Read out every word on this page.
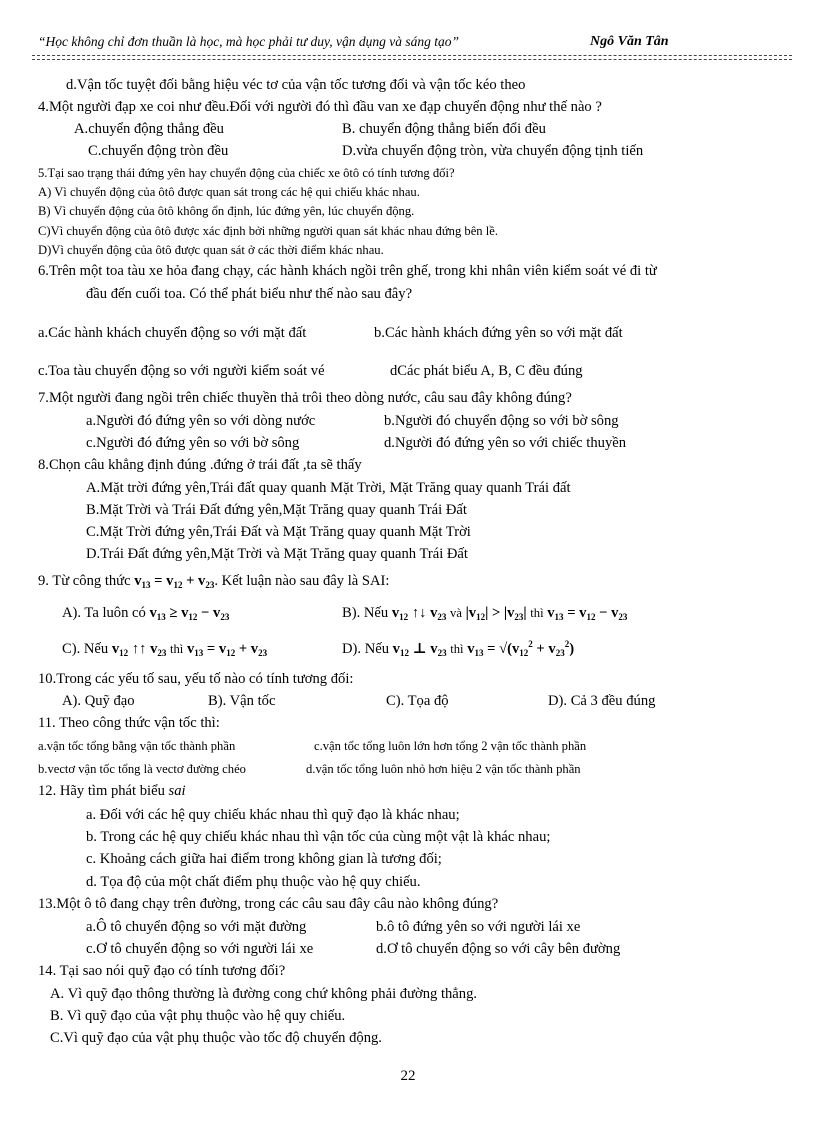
“Học không chỉ đơn thuần là học, mà học phải tư duy, vận dụng và sáng tạo”	Ngô Văn Tân
d.Vận tốc tuyệt đối bằng hiệu véc tơ của vận tốc tương đối và vận tốc kéo theo
4.Một người đạp xe coi như đều.Đối với người đó thì đầu van xe đạp chuyển động như thế nào ?
A.chuyển động thẳng đều	B. chuyển động thẳng biến đổi đều
C.chuyển động tròn đều	D.vừa chuyển động tròn, vừa chuyển động tịnh tiến
5.Tại sao trạng thái đứng yên hay chuyển động của chiếc xe ôtô có tính tương đối?
A) Vì chuyển động của ôtô được quan sát trong các hệ qui chiếu khác nhau.
B) Vì chuyển động của ôtô không ổn định, lúc đứng yên, lúc chuyển động.
C)Vì chuyển động của ôtô được xác định bởi những người quan sát khác nhau đứng bên lề.
D)Vì chuyển động của ôtô được quan sát ở các thời điểm khác nhau.
6.Trên một toa tàu xe hỏa đang chạy, các hành khách ngồi trên ghế, trong khi nhân viên kiểm soát vé đi từ
đầu đến cuối toa. Có thể phát biểu như thế nào sau đây?
a.Các hành khách chuyển động so với mặt đất	b.Các hành khách đứng yên so với mặt đất
c.Toa tàu chuyển động so với người kiểm soát vé	dCác phát biểu A, B, C đều đúng
7.Một người đang ngồi trên chiếc thuyền thả trôi theo dòng nước, câu sau đây không đúng?
a.Người đó đứng yên so với dòng nước	b.Người đó chuyển động so với bờ sông
c.Người đó đứng yên so với bờ sông	d.Người đó đứng yên so với chiếc thuyền
8.Chọn câu khẳng định đúng .đứng ở trái đất ,ta sẽ thấy
A.Mặt trời đứng yên,Trái đất quay quanh Mặt Trời, Mặt Trăng quay quanh Trái đất
B.Mặt Trời và Trái Đất đứng yên,Mặt Trăng quay quanh Trái Đất
C.Mặt Trời đứng yên,Trái Đất và Mặt Trăng quay quanh Mặt Trời
D.Trái Đất đứng yên,Mặt Trời và Mặt Trăng quay quanh Trái Đất
9. Từ công thức $v_{13} = v_{12} + v_{23}$. Kết luận nào sau đây là SAI:
A). Ta luôn có $v_{13} \ge v_{12} - v_{23}$	B). Nếu $v_{12}$ ↑↓ $v_{23}$ và $|v_{12}| > |v_{23}|$ thì $v_{13} = v_{12} - v_{23}$
C). Nếu $v_{12}$ ↑↑ $v_{23}$ thì $v_{13} = v_{12} + v_{23}$	D). Nếu $v_{12}$ ⊥ $v_{23}$ thì $v_{13} = √(v_{12}^2 + v_{23}^2)$
10.Trong các yếu tố sau, yếu tố nào có tính tương đối:
A). Quỹ đạo	B). Vận tốc	C). Tọa độ	D). Cả 3 đều đúng
11. Theo công thức vận tốc thì:
a.vận tốc tổng bằng vận tốc thành phần	c.vận tốc tổng luôn lớn hơn tổng 2 vận tốc thành phần
b.vectơ vận tốc tổng là vectơ đường chéo	d.vận tốc tổng luôn nhỏ hơn hiệu 2 vận tốc thành phần
12. Hãy tìm phát biểu sai
a. Đối với các hệ quy chiếu khác nhau thì quỹ đạo là khác nhau;
b. Trong các hệ quy chiếu khác nhau thì vận tốc của cùng một vật là khác nhau;
c. Khoảng cách giữa hai điểm trong không gian là tương đối;
d. Tọa độ của một chất điểm phụ thuộc vào hệ quy chiếu.
13.Một ô tô đang chạy trên đường, trong các câu sau đây câu nào không đúng?
a.Ô tô chuyển động so với mặt đường	b.ô tô đứng yên so với người lái xe
c.Ơ tô chuyển động so với người lái xe	d.Ơ tô chuyển động so với cây bên đường
14. Tại sao nói quỹ đạo có tính tương đối?
A. Vì quỹ đạo thông thường là đường cong chứ không phải đường thẳng.
B. Vì quỹ đạo của vật phụ thuộc vào hệ quy chiếu.
C.Vì quỹ đạo của vật phụ thuộc vào tốc độ chuyển động.
22
